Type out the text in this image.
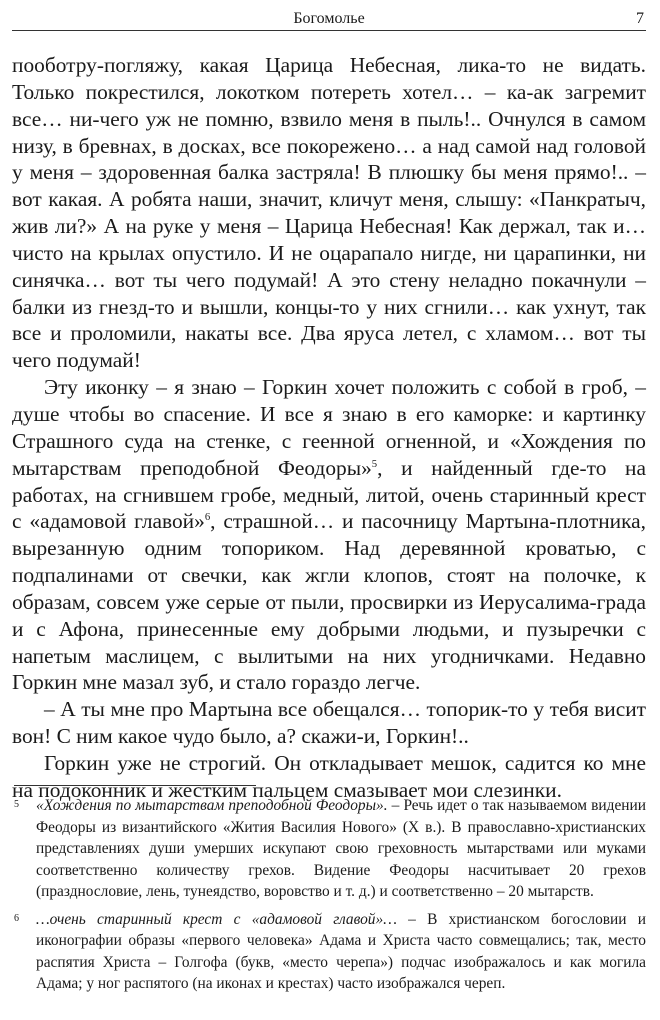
Богомолье	7

пооботру-погляжу, какая Царица Небесная, лика-то не видать. Только покрестился, локотком потереть хотел… – ка-ак загремит все… ни-чего уж не помню, взвило меня в пыль!.. Очнулся в самом низу, в бревнах, в досках, все покорежено… а над самой над головой у меня – здоровенная балка застряла! В плюшку бы меня прямо!.. – вот какая. А робята наши, значит, кличут меня, слышу: «Панкратыч, жив ли?» А на руке у меня – Царица Небесная! Как держал, так и… чисто на крылах опустило. И не оцарапало нигде, ни царапинки, ни синячка… вот ты чего подумай! А это стену неладно покачнули – балки из гнезд-то и вышли, концы-то у них сгнили… как ухнут, так все и проломили, накаты все. Два яруса летел, с хламом… вот ты чего подумай!

Эту иконку – я знаю – Горкин хочет положить с собой в гроб, – душе чтобы во спасение. И все я знаю в его каморке: и картинку Страшного суда на стенке, с геенной огненной, и «Хождения по мытарствам преподобной Феодоры»$^5$, и найденный где-то на работах, на сгнившем гробе, медный, литой, очень старинный крест с «адамовой главой»$^6$, страшной… и пасочницу Мартына-плотника, вырезанную одним топориком. Над деревянной кроватью, с подпалинами от свечки, как жгли клопов, стоят на полочке, к образам, совсем уже серые от пыли, просвирки из Иерусалима-града и с Афона, принесенные ему добрыми людьми, и пузыречки с напетым маслицем, с вылитыми на них угодничками. Недавно Горкин мне мазал зуб, и стало гораздо легче.

– А ты мне про Мартына все обещался… топорик-то у тебя висит вон! С ним какое чудо было, а? скажи-и, Горкин!..

Горкин уже не строгий. Он откладывает мешок, садится ко мне на подоконник и жестким пальцем смазывает мои слезинки.

5 «Хождения по мытарствам преподобной Феодоры». – Речь идет о так называемом видении Феодоры из византийского «Жития Василия Нового» (X в.). В православно-христианских представлениях души умерших искупают свою греховность мытарствами или муками соответственно количеству грехов. Видение Феодоры насчитывает 20 грехов (празднословие, лень, тунеядство, воровство и т. д.) и соответственно – 20 мытарств.

6 …очень старинный крест с «адамовой главой»… – В христианском богословии и иконографии образы «первого человека» Адама и Христа часто совмещались; так, место распятия Христа – Голгофа (букв, «место черепа») подчас изображалось и как могила Адама; у ног распятого (на иконах и крестах) часто изображался череп.
